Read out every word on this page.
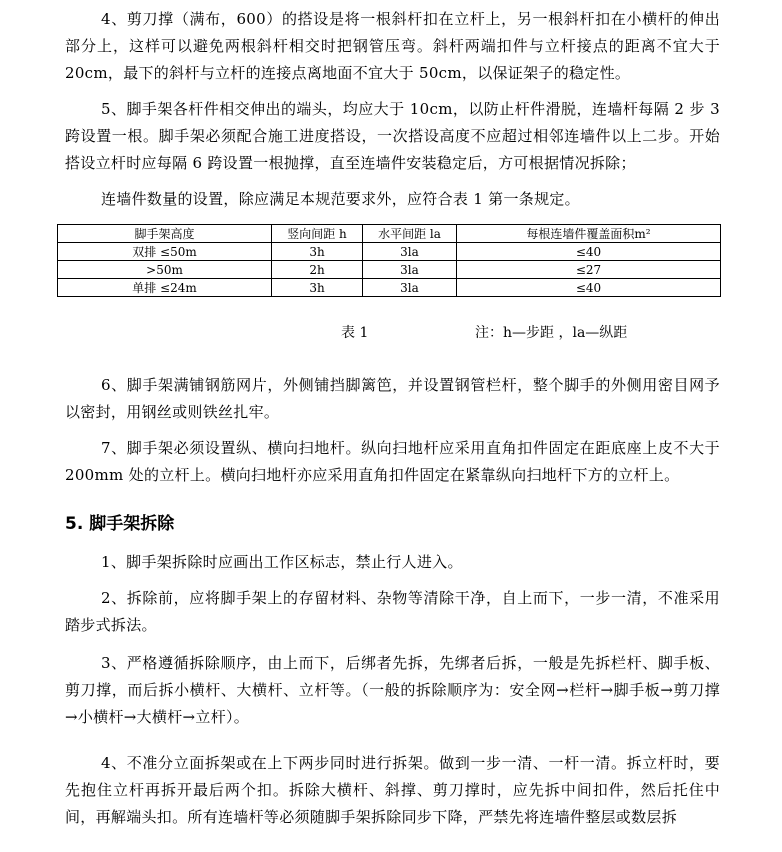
4、剪刀撑（满布，600）的搭设是将一根斜杆扣在立杆上，另一根斜杆扣在小横杆的伸出部分上，这样可以避免两根斜杆相交时把钢管压弯。斜杆两端扣件与立杆接点的距离不宜大于 20cm，最下的斜杆与立杆的连接点离地面不宜大于 50cm，以保证架子的稳定性。

5、脚手架各杆件相交伸出的端头，均应大于 10cm，以防止杆件滑脱，连墙杆每隔 2 步 3 跨设置一根。脚手架必须配合施工进度搭设，一次搭设高度不应超过相邻连墙件以上二步。开始搭设立杆时应每隔 6 跨设置一根抛撑，直至连墙件安装稳定后，方可根据情况拆除；

连墙件数量的设置，除应满足本规范要求外，应符合表 1 第一条规定。

脚手架高度	竖向间距 h	水平间距 la	每根连墙件覆盖面积m²
双排 ≤50m	3h	3la	≤40
>50m	2h	3la	≤27
单排 ≤24m	3h	3la	≤40
表 1	注：h—步距 ，la—纵距

6、脚手架满铺钢筋网片，外侧铺挡脚篱笆，并设置钢管栏杆，整个脚手的外侧用密目网予以密封，用钢丝或则铁丝扎牢。

7、脚手架必须设置纵、横向扫地杆。纵向扫地杆应采用直角扣件固定在距底座上皮不大于 200mm 处的立杆上。横向扫地杆亦应采用直角扣件固定在紧靠纵向扫地杆下方的立杆上。

5. 脚手架拆除

1、脚手架拆除时应画出工作区标志，禁止行人进入。

2、拆除前，应将脚手架上的存留材料、杂物等清除干净，自上而下，一步一清，不准采用踏步式拆法。

3、严格遵循拆除顺序，由上而下，后绑者先拆，先绑者后拆，一般是先拆栏杆、脚手板、剪刀撑，而后拆小横杆、大横杆、立杆等。（一般的拆除顺序为：安全网→栏杆→脚手板→剪刀撑→小横杆→大横杆→立杆）。

4、不准分立面拆架或在上下两步同时进行拆架。做到一步一清、一杆一清。拆立杆时，要先抱住立杆再拆开最后两个扣。拆除大横杆、斜撑、剪刀撑时，应先拆中间扣件，然后托住中间，再解端头扣。所有连墙杆等必须随脚手架拆除同步下降，严禁先将连墙件整层或数层拆
